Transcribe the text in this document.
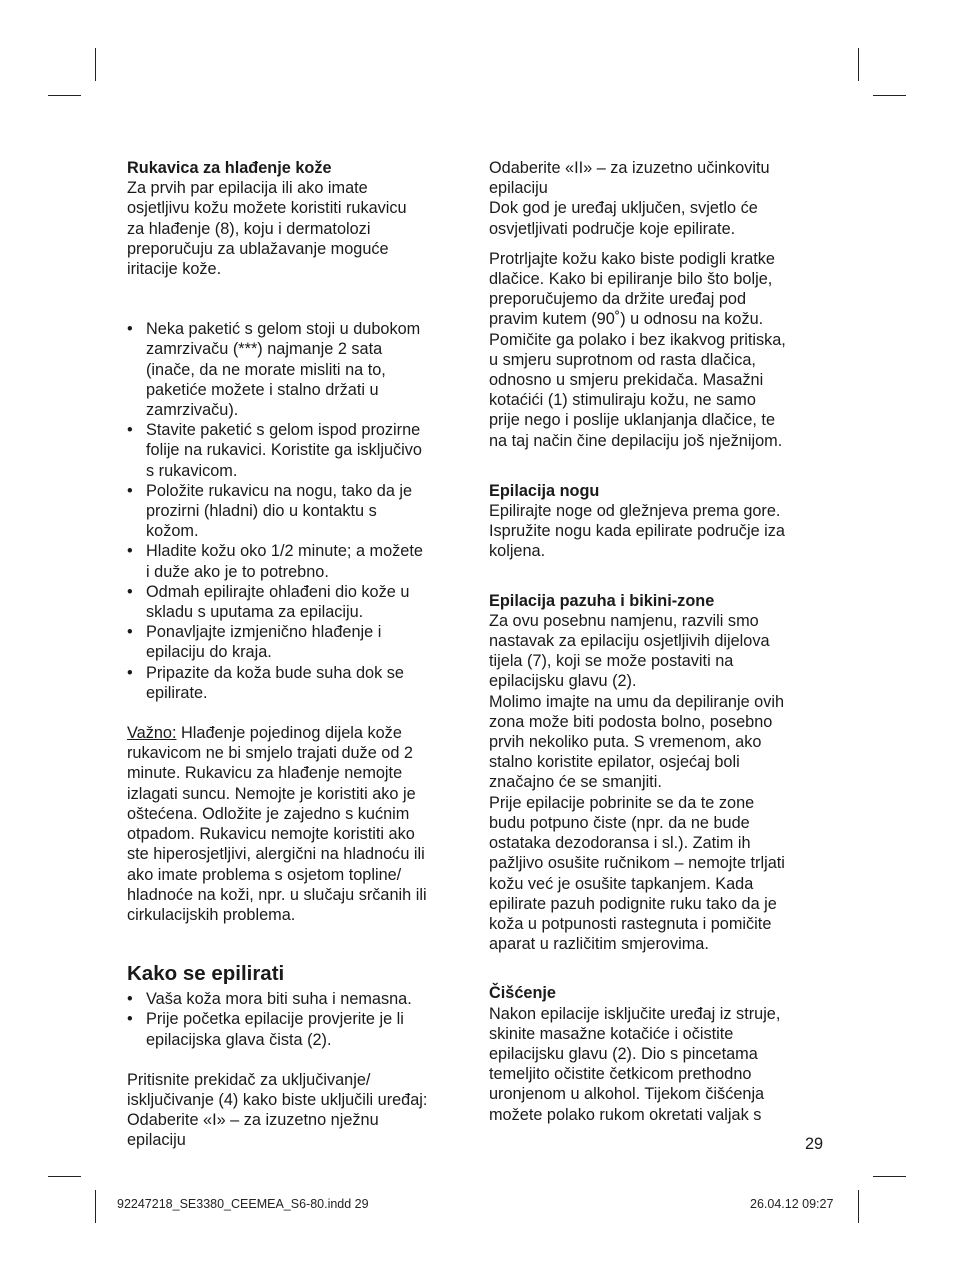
Rukavica za hlađenje kože

Za prvih par epilacija ili ako imate
osjetljivu kožu možete koristiti rukavicu
za hlađenje (8), koju i dermatolozi
preporučuju za ublažavanje moguće
iritacije kože.

• Neka paketić s gelom stoji u dubokom
zamrzivaču (***) najmanje 2 sata
(inače, da ne morate misliti na to,
paketiće možete i stalno držati u
zamrzivaču).
• Stavite paketić s gelom ispod prozirne
folije na rukavici. Koristite ga isključivo
s rukavicom.
• Položite rukavicu na nogu, tako da je
prozirni (hladni) dio u kontaktu s
kožom.
• Hladite kožu oko 1/2 minute; a možete
i duže ako je to potrebno.
• Odmah epilirajte ohlađeni dio kože u
skladu s uputama za epilaciju.
• Ponavljajte izmjenično hlađenje i
epilaciju do kraja.
• Pripazite da koža bude suha dok se
epilirate.

Važno: Hlađenje pojedinog dijela kože
rukavicom ne bi smjelo trajati duže od 2
minute. Rukavicu za hlađenje nemojte
izlagati suncu. Nemojte je koristiti ako je
oštećena. Odložite je zajedno s kućnim
otpadom. Rukavicu nemojte koristiti ako
ste hiperosjetljivi, alergični na hladnoću ili
ako imate problema s osjetom topline/
hladnoće na koži, npr. u slučaju srčanih ili
cirkulacijskih problema.

Kako se epilirati

• Vaša koža mora biti suha i nemasna.
• Prije početka epilacije provjerite je li
epilacijska glava čista (2).

Pritisnite prekidač za uključivanje/
isključivanje (4) kako biste uključili uređaj:
Odaberite «I» – za izuzetno nježnu
epilaciju

Odaberite «II» – za izuzetno učinkovitu
epilaciju
Dok god je uređaj uključen, svjetlo će
osvjetljivati područje koje epilirate.

Protrljajte kožu kako biste podigli kratke
dlačice. Kako bi epiliranje bilo što bolje,
preporučujemo da držite uređaj pod
pravim kutem (90˚) u odnosu na kožu.
Pomičite ga polako i bez ikakvog pritiska,
u smjeru suprotnom od rasta dlačica,
odnosno u smjeru prekidača. Masažni
kotaćići (1) stimuliraju kožu, ne samo
prije nego i poslije uklanjanja dlačice, te
na taj način čine depilaciju još nježnijom.

Epilacija nogu

Epilirajte noge od gležnjeva prema gore.
Ispružite nogu kada epilirate područje iza
koljena.

Epilacija pazuha i bikini-zone

Za ovu posebnu namjenu, razvili smo
nastavak za epilaciju osjetljivih dijelova
tijela (7), koji se može postaviti na
epilacijsku glavu (2).
Molimo imajte na umu da depiliranje ovih
zona može biti podosta bolno, posebno
prvih nekoliko puta. S vremenom, ako
stalno koristite epilator, osjećaj boli
značajno će se smanjiti.
Prije epilacije pobrinite se da te zone
budu potpuno čiste (npr. da ne bude
ostataka dezodoransa i sl.). Zatim ih
pažljivo osušite ručnikom – nemojte trljati
kožu već je osušite tapkanjem. Kada
epilirate pazuh podignite ruku tako da je
koža u potpunosti rastegnuta i pomičite
aparat u različitim smjerovima.

Čišćenje

Nakon epilacije isključite uređaj iz struje,
skinite masažne kotačiće i očistite
epilacijsku glavu (2). Dio s pincetama
temeljito očistite četkicom prethodno
uronjenom u alkohol. Tijekom čišćenja
možete polako rukom okretati valjak s

29
92247218_SE3380_CEEMEA_S6-80.indd 29	26.04.12 09:27
